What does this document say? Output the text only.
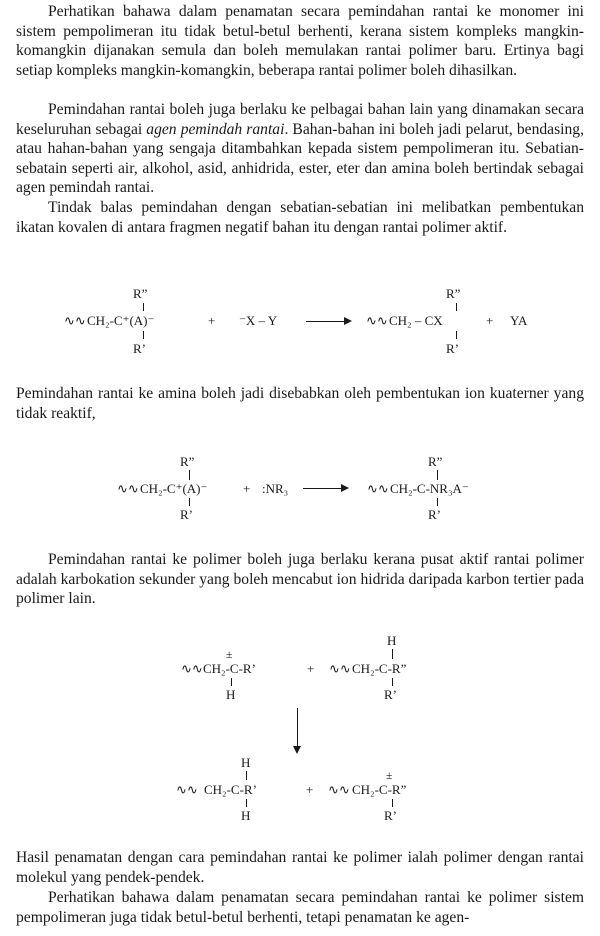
Perhatikan bahawa dalam penamatan secara pemindahan rantai ke monomer ini sistem pempolimeran itu tidak betul-betul berhenti, kerana sistem kompleks mangkin-komangkin dijanakan semula dan boleh memulakan rantai polimer baru. Ertinya bagi setiap kompleks mangkin-komangkin, beberapa rantai polimer boleh dihasilkan.

Pemindahan rantai boleh juga berlaku ke pelbagai bahan lain yang dinamakan secara keseluruhan sebagai agen pemindah rantai. Bahan-bahan ini boleh jadi pelarut, bendasing, atau hahan-bahan yang sengaja ditambahkan kepada sistem pempolimeran itu. Sebatian-sebatain seperti air, alkohol, asid, anhidrida, ester, eter dan amina boleh bertindak sebagai agen pemindah rantai.

Tindak balas pemindahan dengan sebatian-sebatian ini melibatkan pembentukan ikatan kovalen di antara fragmen negatif bahan itu dengan rantai polimer aktif.

R”
∿∿ CH₂-C⁺(A)⁻
R’
+ ⁻X – Y
R”
∿∿ CH₂ – CX
R’
+ YA

Pemindahan rantai ke amina boleh jadi disebabkan oleh pembentukan ion kuaterner yang tidak reaktif,

R”
∿∿ CH₂-C⁺(A)⁻
R’
+ :NR₃
R”
∿∿ CH₂-C-NR₃A⁻
R’

Pemindahan rantai ke polimer boleh juga berlaku kerana pusat aktif rantai polimer adalah karbokation sekunder yang boleh mencabut ion hidrida daripada karbon tertier pada polimer lain.

±
∿∿ CH₂-C-R’
H
+
H
∿∿ CH₂-C-R”
R’
H
∿∿ CH₂-C-R’
H
+
±
∿∿ CH₂-C-R”
R’

Hasil penamatan dengan cara pemindahan rantai ke polimer ialah polimer dengan rantai molekul yang pendek-pendek.

Perhatikan bahawa dalam penamatan secara pemindahan rantai ke polimer sistem pempolimeran juga tidak betul-betul berhenti, tetapi penamatan ke agen-
